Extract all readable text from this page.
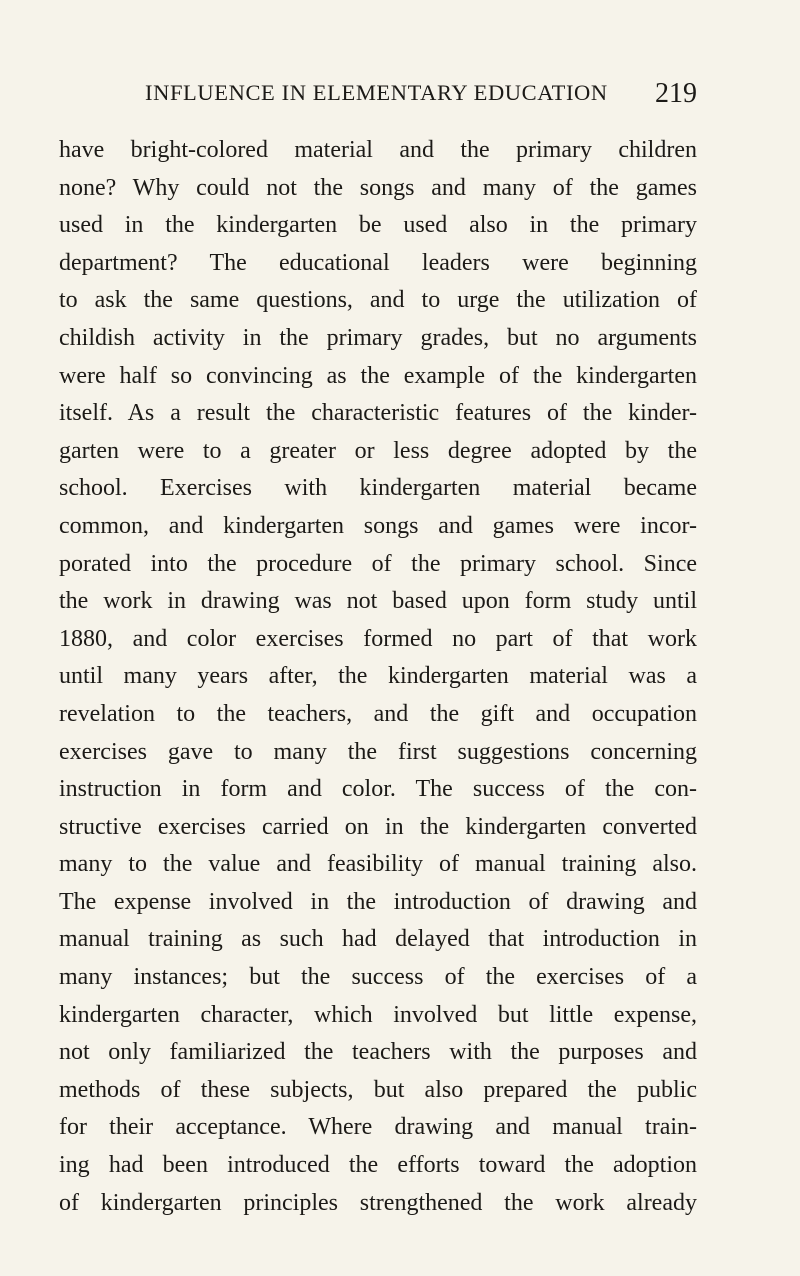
INFLUENCE IN ELEMENTARY EDUCATION 219
have bright-colored material and the primary children
none? Why could not the songs and many of the games
used in the kindergarten be used also in the primary
department? The educational leaders were beginning
to ask the same questions, and to urge the utilization of
childish activity in the primary grades, but no arguments
were half so convincing as the example of the kindergarten
itself. As a result the characteristic features of the kinder-
garten were to a greater or less degree adopted by the
school. Exercises with kindergarten material became
common, and kindergarten songs and games were incor-
porated into the procedure of the primary school. Since
the work in drawing was not based upon form study until
1880, and color exercises formed no part of that work
until many years after, the kindergarten material was a
revelation to the teachers, and the gift and occupation
exercises gave to many the first suggestions concerning
instruction in form and color. The success of the con-
structive exercises carried on in the kindergarten converted
many to the value and feasibility of manual training also.
The expense involved in the introduction of drawing and
manual training as such had delayed that introduction in
many instances; but the success of the exercises of a
kindergarten character, which involved but little expense,
not only familiarized the teachers with the purposes and
methods of these subjects, but also prepared the public
for their acceptance. Where drawing and manual train-
ing had been introduced the efforts toward the adoption
of kindergarten principles strengthened the work already
